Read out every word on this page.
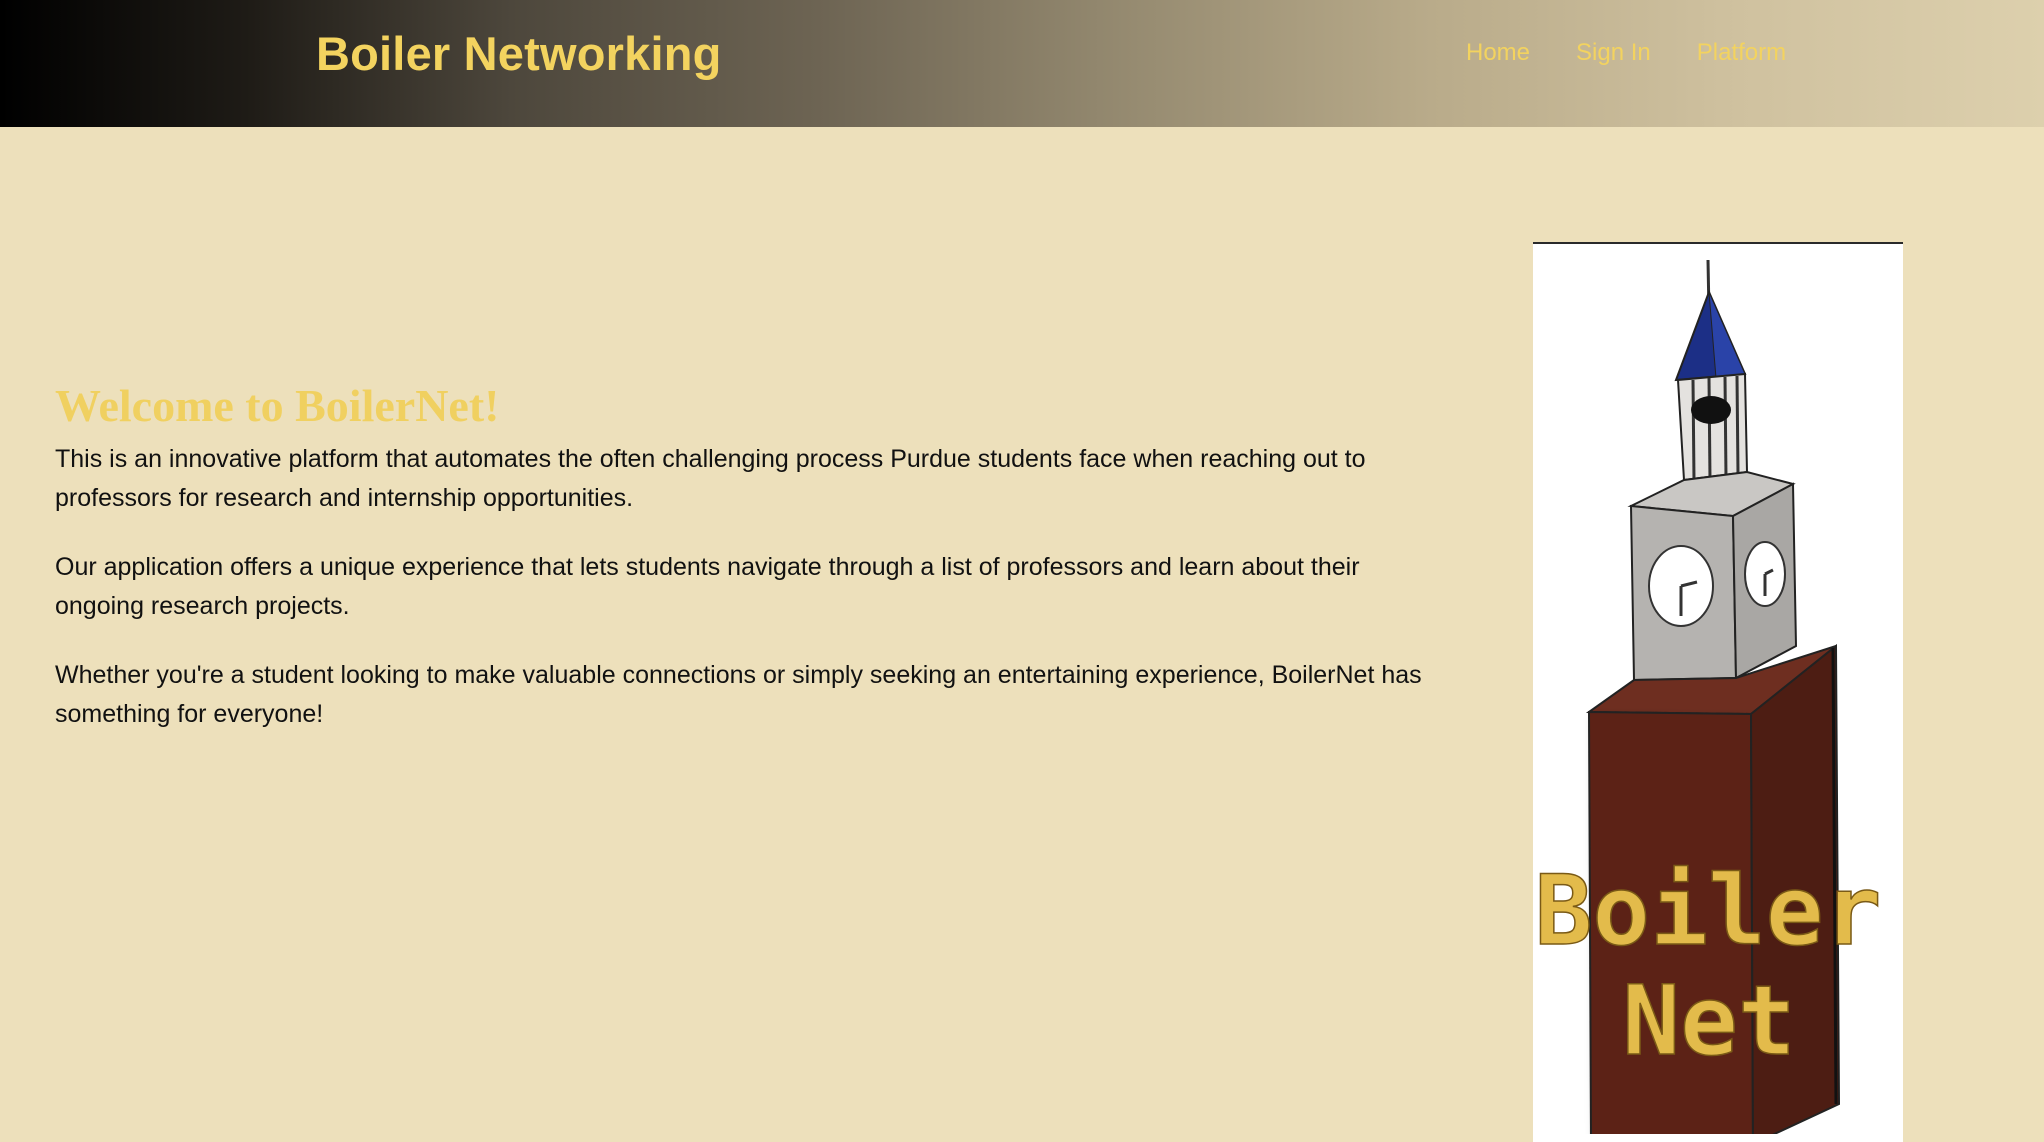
Boiler Networking	Home Sign In Platform
Welcome to BoilerNet!

This is an innovative platform that automates the often challenging process Purdue students face when reaching out to professors for research and internship opportunities.

Our application offers a unique experience that lets students navigate through a list of professors and learn about their ongoing research projects.

Whether you're a student looking to make valuable connections or simply seeking an entertaining experience, BoilerNet has something for everyone!

Boiler
Net
